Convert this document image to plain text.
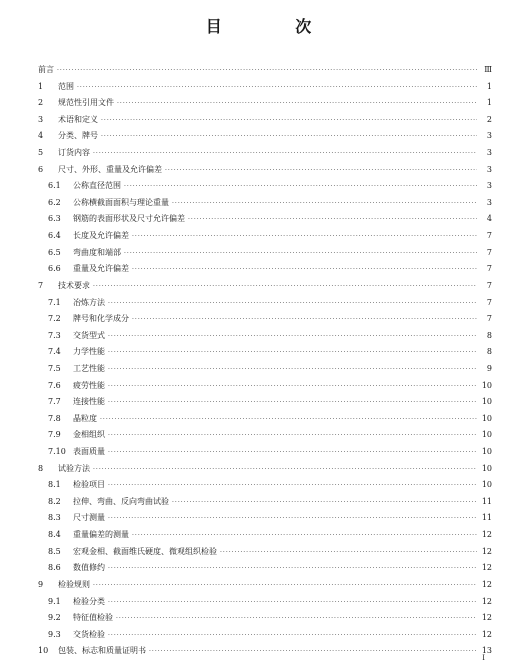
目 次
前言 ·····	Ⅲ
1	范围 ·····	1
2	规范性引用文件 ·····	1
3	术语和定义 ·····	2
4	分类、牌号 ·····	3
5	订货内容 ·····	3
6	尺寸、外形、重量及允许偏差 ·····	3
6.1	公称直径范围 ·····	3
6.2	公称横截面面积与理论重量 ·····	3
6.3	钢筋的表面形状及尺寸允许偏差 ·····	4
6.4	长度及允许偏差 ·····	7
6.5	弯曲度和端部 ·····	7
6.6	重量及允许偏差 ·····	7
7	技术要求 ·····	7
7.1	冶炼方法 ·····	7
7.2	牌号和化学成分 ·····	7
7.3	交货型式 ·····	8
7.4	力学性能 ·····	8
7.5	工艺性能 ·····	9
7.6	疲劳性能 ·····	10
7.7	连接性能 ·····	10
7.8	晶粒度 ·····	10
7.9	金相组织 ·····	10
7.10 表面质量 ·····	10
8	试验方法 ·····	10
8.1	检验项目 ·····	10
8.2	拉伸、弯曲、反向弯曲试验 ·····	11
8.3	尺寸测量 ·····	11
8.4	重量偏差的测量 ·····	12
8.5	宏观金相、截面维氏硬度、微观组织检验 ·····	12
8.6	数值修约 ·····	12
9	检验规则 ·····	12
9.1	检验分类 ·····	12
9.2	特征值检验 ·····	12
9.3	交货检验 ·····	12
10	包装、标志和质量证明书 ·····	13
I
